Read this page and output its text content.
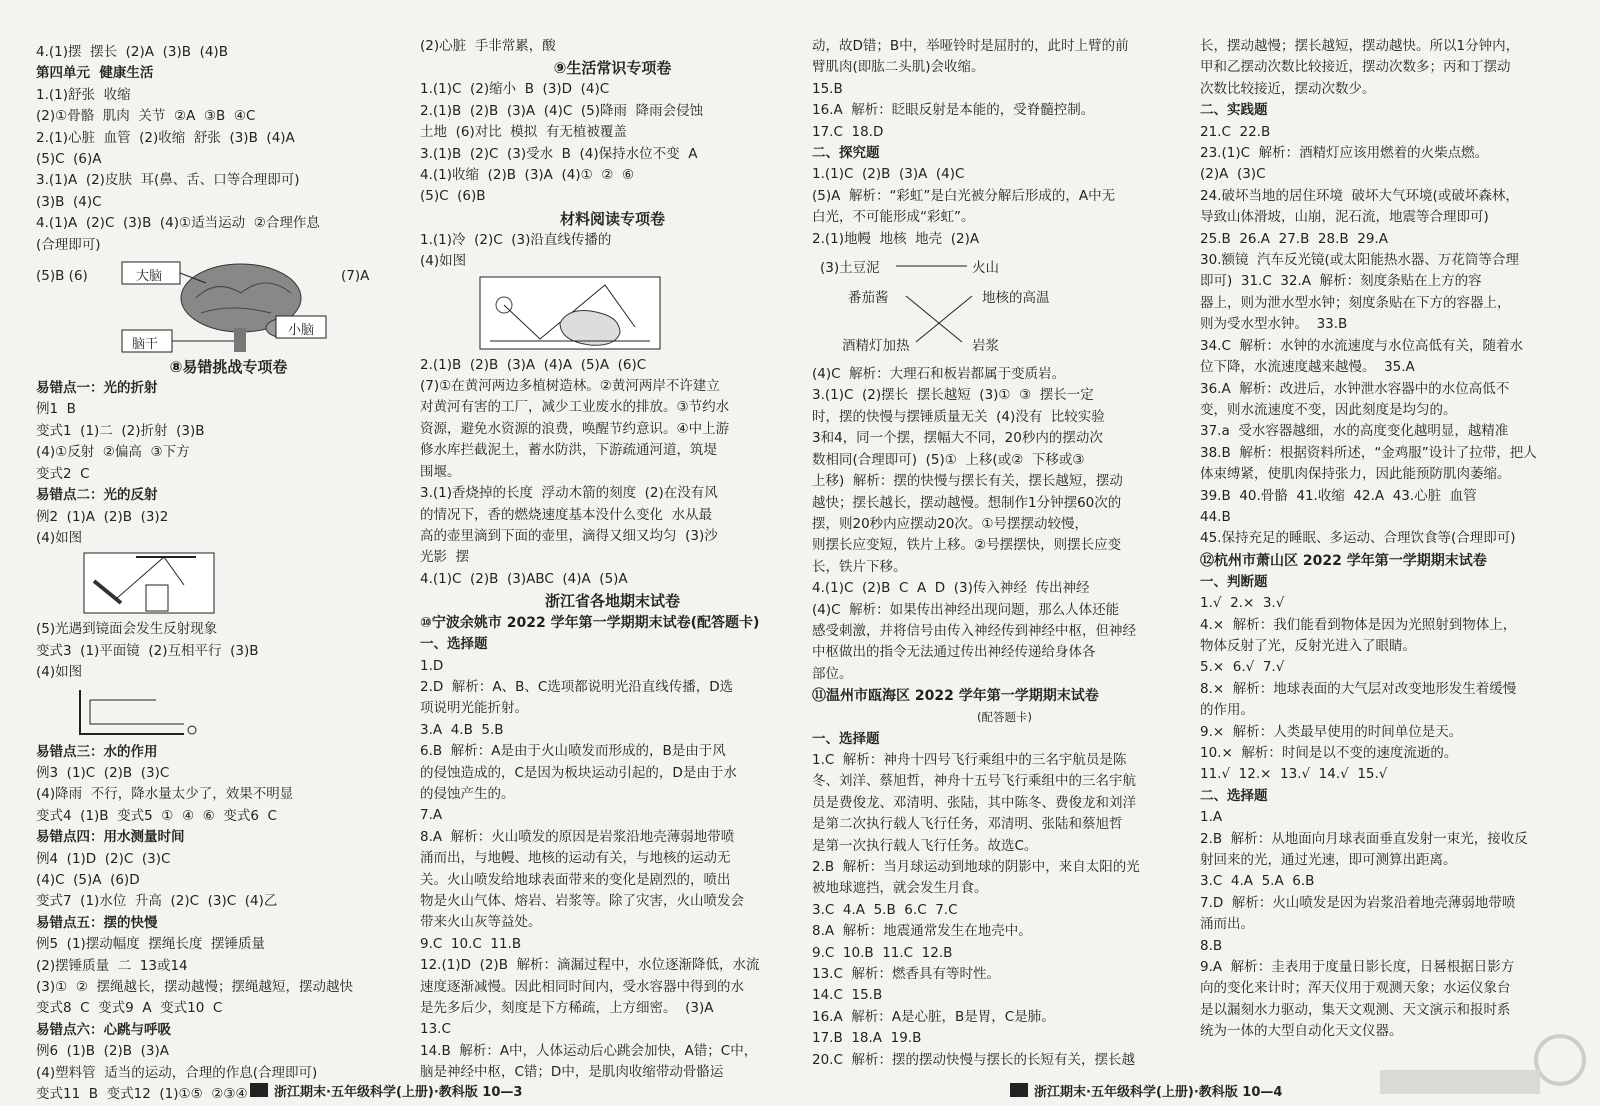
4.(1)摆  摆长  (2)A  (3)B  (4)B
第四单元  健康生活
1.(1)舒张  收缩
(2)①骨骼  肌肉  关节  ②A  ③B  ④C
2.(1)心脏  血管  (2)收缩  舒张  (3)B  (4)A
(5)C  (6)A
3.(1)A  (2)皮肤  耳(鼻、舌、口等合理即可)
(3)B  (4)C
4.(1)A  (2)C  (3)B  (4)①适当运动  ②合理作息
(合理即可)
大脑
脑干
小脑
(5)B (6)	(7)A
⑧易错挑战专项卷
易错点一：光的折射
例1  B
变式1  (1)二  (2)折射  (3)B
(4)①反射  ②偏高  ③下方
变式2  C
易错点二：光的反射
例2  (1)A  (2)B  (3)2
(4)如图
(5)光遇到镜面会发生反射现象
变式3  (1)平面镜  (2)互相平行  (3)B
(4)如图
易错点三：水的作用
例3  (1)C  (2)B  (3)C
(4)降雨  不行，降水量太少了，效果不明显
变式4  (1)B  变式5  ①  ④  ⑥  变式6  C
易错点四：用水测量时间
例4  (1)D  (2)C  (3)C
(4)C  (5)A  (6)D
变式7  (1)水位  升高  (2)C  (3)C  (4)乙
易错点五：摆的快慢
例5  (1)摆动幅度  摆绳长度  摆锤质量
(2)摆锤质量  二  13或14
(3)①  ②  摆绳越长，摆动越慢；摆绳越短，摆动越快
变式8  C  变式9  A  变式10  C
易错点六：心跳与呼吸
例6  (1)B  (2)B  (3)A
(4)塑料管  适当的运动，合理的作息(合理即可)
变式11  B  变式12  (1)①⑤  ②③④
(2)心脏  手非常累，酸
⑨生活常识专项卷
1.(1)C  (2)缩小  B  (3)D  (4)C
2.(1)B  (2)B  (3)A  (4)C  (5)降雨  降雨会侵蚀
土地  (6)对比  模拟  有无植被覆盖
3.(1)B  (2)C  (3)受水  B  (4)保持水位不变  A
4.(1)收缩  (2)B  (3)A  (4)①  ②  ⑥
(5)C  (6)B
材料阅读专项卷
1.(1)冷  (2)C  (3)沿直线传播的
(4)如图
2.(1)B  (2)B  (3)A  (4)A  (5)A  (6)C
(7)①在黄河两边多植树造林。②黄河两岸不许建立
对黄河有害的工厂，减少工业废水的排放。③节约水
资源，避免水资源的浪费，唤醒节约意识。④中上游
修水库拦截泥土，蓄水防洪，下游疏通河道，筑堤
围堰。
3.(1)香烧掉的长度  浮动木箭的刻度  (2)在没有风
的情况下，香的燃烧速度基本没什么变化  水从最
高的壶里滴到下面的壶里，滴得又细又均匀  (3)沙
光影  摆
4.(1)C  (2)B  (3)ABC  (4)A  (5)A
浙江省各地期末试卷
⑩宁波余姚市 2022 学年第一学期期末试卷(配答题卡)
一、选择题
1.D
2.D  解析：A、B、C选项都说明光沿直线传播，D选
项说明光能折射。
3.A  4.B  5.B
6.B  解析：A是由于火山喷发而形成的，B是由于风
的侵蚀造成的，C是因为板块运动引起的，D是由于水
的侵蚀产生的。
7.A
8.A  解析：火山喷发的原因是岩浆沿地壳薄弱地带喷
涌而出，与地幔、地核的运动有关，与地核的运动无
关。火山喷发给地球表面带来的变化是剧烈的，喷出
物是火山气体、熔岩、岩浆等。除了灾害，火山喷发会
带来火山灰等益处。
9.C  10.C  11.B
12.(1)D  (2)B  解析：滴漏过程中，水位逐渐降低，水流
速度逐渐减慢。因此相同时间内，受水容器中得到的水
是先多后少，刻度是下方稀疏，上方细密。  (3)A
13.C
14.B  解析：A中，人体运动后心跳会加快，A错；C中，
脑是神经中枢，C错；D中，是肌肉收缩带动骨骼运
动，故D错；B中，举哑铃时是屈肘的，此时上臂的前
臂肌肉(即肱二头肌)会收缩。
15.B
16.A  解析：眨眼反射是本能的，受脊髓控制。
17.C  18.D
二、探究题
1.(1)C  (2)B  (3)A  (4)C
(5)A  解析：“彩虹”是白光被分解后形成的，A中无
白光，不可能形成“彩虹”。
2.(1)地幔  地核  地壳  (2)A
(3)土豆泥	火山
番茄酱	地核的高温
酒精灯加热	岩浆
(4)C  解析：大理石和板岩都属于变质岩。
3.(1)C  (2)摆长  摆长越短  (3)①  ③  摆长一定
时，摆的快慢与摆锤质量无关  (4)没有  比较实验
3和4，同一个摆，摆幅大不同，20秒内的摆动次
数相同(合理即可)  (5)①  上移(或②  下移或③
上移)  解析：摆的快慢与摆长有关，摆长越短，摆动
越快；摆长越长，摆动越慢。想制作1分钟摆60次的
摆，则20秒内应摆动20次。①号摆摆动较慢，
则摆长应变短，铁片上移。②号摆摆快，则摆长应变
长，铁片下移。
4.(1)C  (2)B  C  A  D  (3)传入神经  传出神经
(4)C  解析：如果传出神经出现问题，那么人体还能
感受刺激，并将信号由传入神经传到神经中枢，但神经
中枢做出的指令无法通过传出神经传递给身体各
部位。
⑪温州市瓯海区 2022 学年第一学期期末试卷
(配答题卡)
一、选择题
1.C  解析：神舟十四号飞行乘组中的三名宇航员是陈
冬、刘洋、蔡旭哲，神舟十五号飞行乘组中的三名宇航
员是费俊龙、邓清明、张陆，其中陈冬、费俊龙和刘洋
是第二次执行载人飞行任务，邓清明、张陆和蔡旭哲
是第一次执行载人飞行任务。故选C。
2.B  解析：当月球运动到地球的阴影中，来自太阳的光
被地球遮挡，就会发生月食。
3.C  4.A  5.B  6.C  7.C
8.A  解析：地震通常发生在地壳中。
9.C  10.B  11.C  12.B
13.C  解析：燃香具有等时性。
14.C  15.B
16.A  解析：A是心脏，B是胃，C是肺。
17.B  18.A  19.B
20.C  解析：摆的摆动快慢与摆长的长短有关，摆长越
长，摆动越慢；摆长越短，摆动越快。所以1分钟内，
甲和乙摆动次数比较接近，摆动次数多；丙和丁摆动
次数比较接近，摆动次数少。
二、实践题
21.C  22.B
23.(1)C  解析：酒精灯应该用燃着的火柴点燃。
(2)A  (3)C
24.破坏当地的居住环境  破坏大气环境(或破坏森林，
导致山体滑坡，山崩，泥石流，地震等合理即可)
25.B  26.A  27.B  28.B  29.A
30.额镜  汽车反光镜(或太阳能热水器、万花筒等合理
即可)  31.C  32.A  解析：刻度条贴在上方的容
器上，则为泄水型水钟；刻度条贴在下方的容器上，
则为受水型水钟。  33.B
34.C  解析：水钟的水流速度与水位高低有关，随着水
位下降，水流速度越来越慢。  35.A
36.A  解析：改进后，水钟泄水容器中的水位高低不
变，则水流速度不变，因此刻度是均匀的。
37.a  受水容器越细，水的高度变化越明显，越精准
38.B  解析：根据资料所述，“金鸡服”设计了拉带，把人
体束缚紧，使肌肉保持张力，因此能预防肌肉萎缩。
39.B  40.骨骼  41.收缩  42.A  43.心脏  血管
44.B
45.保持充足的睡眠、多运动、合理饮食等(合理即可)
⑫杭州市萧山区 2022 学年第一学期期末试卷
一、判断题
1.√  2.×  3.√
4.×  解析：我们能看到物体是因为光照射到物体上，
物体反射了光，反射光进入了眼睛。
5.×  6.√  7.√
8.×  解析：地球表面的大气层对改变地形发生着缓慢
的作用。
9.×  解析：人类最早使用的时间单位是天。
10.×  解析：时间是以不变的速度流逝的。
11.√  12.×  13.√  14.√  15.√
二、选择题
1.A
2.B  解析：从地面向月球表面垂直发射一束光，接收反
射回来的光，通过光速，即可测算出距离。
3.C  4.A  5.A  6.B
7.D  解析：火山喷发是因为岩浆沿着地壳薄弱地带喷
涌而出。
8.B
9.A  解析：圭表用于度量日影长度，日晷根据日影方
向的变化来计时；浑天仪用于观测天象；水运仪象台
是以漏刻水力驱动，集天文观测、天文演示和报时系
统为一体的大型自动化天文仪器。
浙江期末·五年级科学(上册)·教科版 10—3	浙江期末·五年级科学(上册)·教科版 10—4
